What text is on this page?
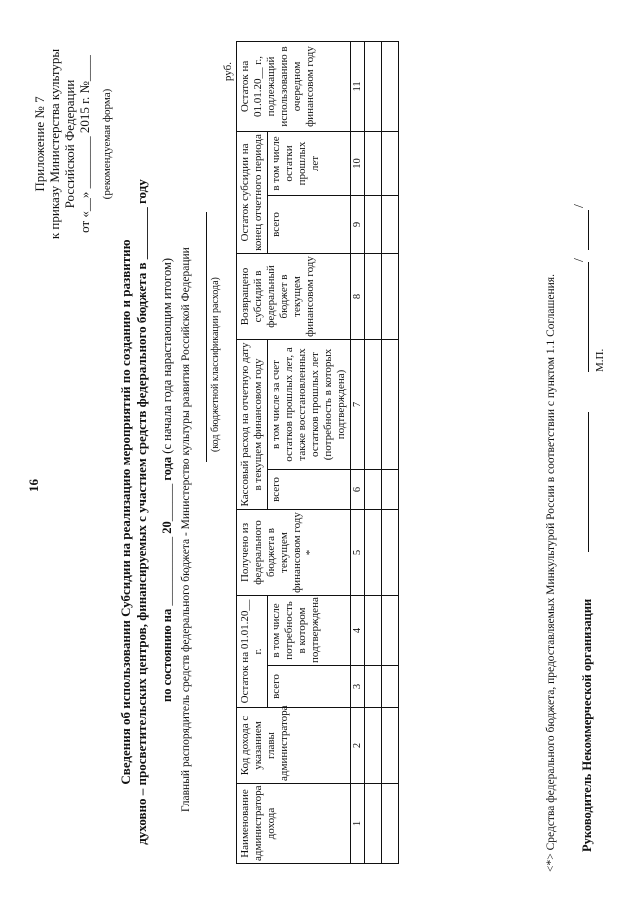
16
Приложение № 7 к приказу Министерства культуры Российской Федерации от «__» ________ 2015 г. №____ (рекомендуемая форма)
Сведения об использовании Субсидии на реализацию мероприятий по созданию и развитию духовно – просветительских центров, финансируемых с участием средств федерального бюджета в ________ году по состоянию на ___________ 20______ года (с начала года нарастающим итогом) Главный распорядитель средств федерального бюджета - Министерство культуры развития Российской Федерации (код бюджетной классификации расхода)
руб.
Наименование администратора дохода	Код дохода с указанием главы администратора	Остаток на 01.01.20__ г.		Получено из федерального бюджета в текущем финансовом году *	Кассовый расход на отчетную дату в текущем финансовом году		Возвращено субсидий в федеральный бюджет в текущем финансовом году	Остаток субсидии на конец отчетного периода		Остаток на 01.01.20__ г., подлежащий использованию в очередном финансовом году
		всего	в том числе потребность в котором подтверждена		всего	в том числе за счет остатков прошлых лет, а также восстановленных остатков прошлых лет (потребность в которых подтверждена)		всего	в том числе остатки прошлых лет	
1	2	3	4	5	6	7	8	9	10	11

<*> Средства федерального бюджета, предоставляемых Минкультурой России в соответствии с пунктом 1.1 Соглашения. Руководитель Некоммерческой организации
/
/
М.П.
